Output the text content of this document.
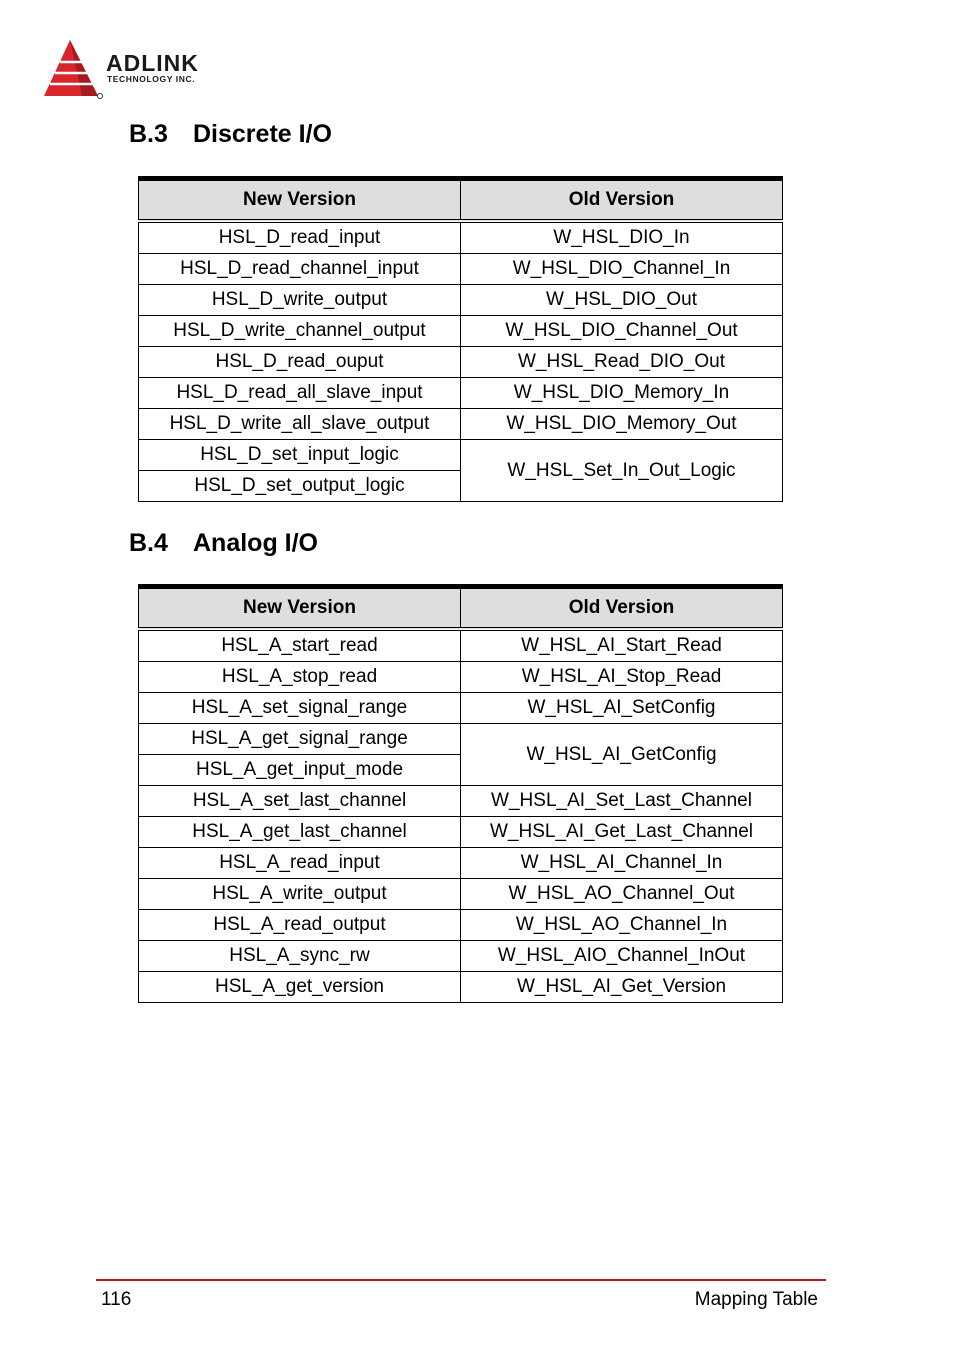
ADLINK
TECHNOLOGY INC.
B.3 Discrete I/O
New Version	Old Version
HSL_D_read_input	W_HSL_DIO_In
HSL_D_read_channel_input	W_HSL_DIO_Channel_In
HSL_D_write_output	W_HSL_DIO_Out
HSL_D_write_channel_output	W_HSL_DIO_Channel_Out
HSL_D_read_ouput	W_HSL_Read_DIO_Out
HSL_D_read_all_slave_input	W_HSL_DIO_Memory_In
HSL_D_write_all_slave_output	W_HSL_DIO_Memory_Out
HSL_D_set_input_logic	W_HSL_Set_In_Out_Logic
HSL_D_set_output_logic	
B.4 Analog I/O
New Version	Old Version
HSL_A_start_read	W_HSL_AI_Start_Read
HSL_A_stop_read	W_HSL_AI_Stop_Read
HSL_A_set_signal_range	W_HSL_AI_SetConfig
HSL_A_get_signal_range	W_HSL_AI_GetConfig
HSL_A_get_input_mode	
HSL_A_set_last_channel	W_HSL_AI_Set_Last_Channel
HSL_A_get_last_channel	W_HSL_AI_Get_Last_Channel
HSL_A_read_input	W_HSL_AI_Channel_In
HSL_A_write_output	W_HSL_AO_Channel_Out
HSL_A_read_output	W_HSL_AO_Channel_In
HSL_A_sync_rw	W_HSL_AIO_Channel_InOut
HSL_A_get_version	W_HSL_AI_Get_Version
116	Mapping Table
